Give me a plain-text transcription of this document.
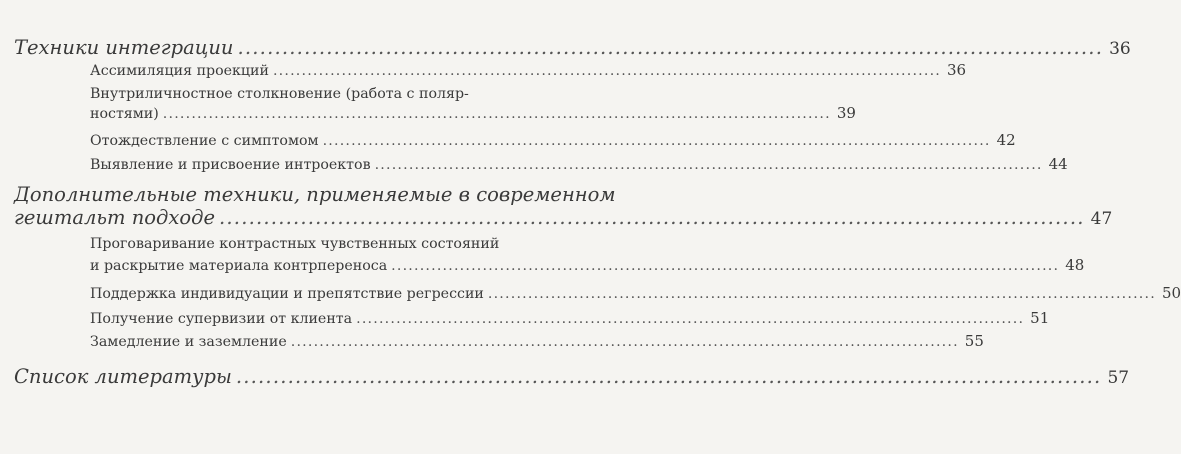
Техники интеграции ..................................................................................................................... 36
Ассимиляция проекций ..................................................................................................................... 36
Внутриличностное столкновение (работа с поляр-
ностями) ..................................................................................................................... 39
Отождествление с симптомом ..................................................................................................................... 42
Выявление и присвоение интроектов ..................................................................................................................... 44
Дополнительные техники, применяемые в современном
гештальт подходе ..................................................................................................................... 47
Проговаривание контрастных чувственных состояний
и раскрытие материала контрпереноса ..................................................................................................................... 48
Поддержка индивидуации и препятствие регрессии ..................................................................................................................... 50
Получение супервизии от клиента ..................................................................................................................... 51
Замедление и заземление ..................................................................................................................... 55
Список литературы ..................................................................................................................... 57
